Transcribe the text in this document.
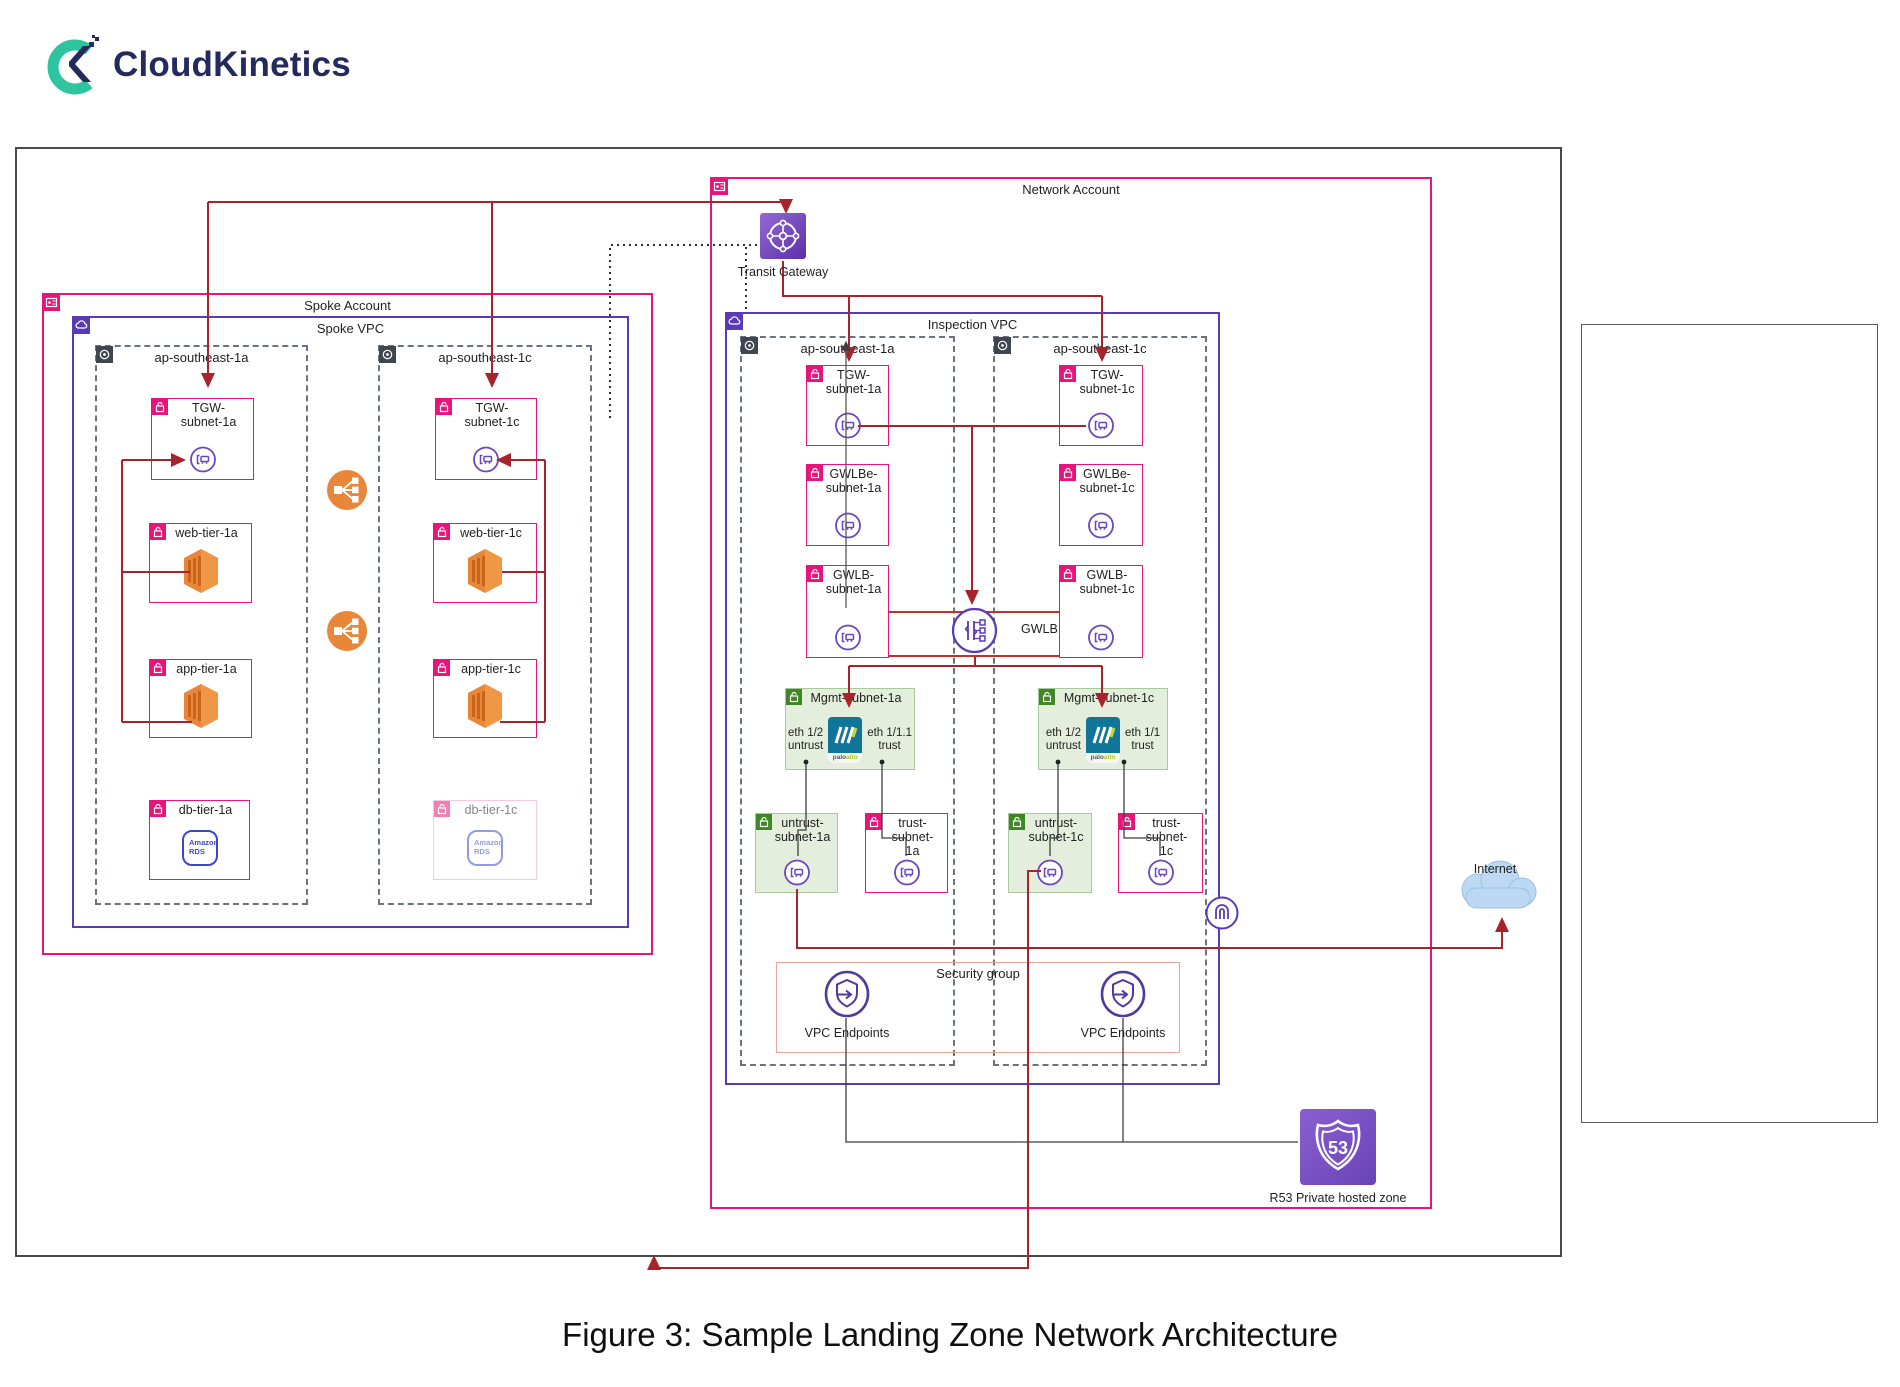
CloudKinetics
Spoke Account
Spoke VPC
ap-southeast-1a	ap-southeast-1c
Network Account
Inspection VPC
ap-southeast-1a	ap-southeast-1c
Security group
TGW-
subnet-1a
web-tier-1a
app-tier-1a
db-tier-1a
Amazon
RDS
TGW-
subnet-1c
web-tier-1c
app-tier-1c
db-tier-1c
Amazon
RDS
TGW-
subnet-1a
GWLBe-
subnet-1a
GWLB-
subnet-1a
TGW-
subnet-1c
GWLBe-
subnet-1c
GWLB-
subnet-1c
Mgmt-subnet-1a
eth 1/2
untrust
paloalto
eth 1/1.1
trust
Mgmt-subnet-1c
eth 1/2
untrust
paloalto
eth 1/1
trust
untrust-
subnet-1a
trust-subnet-
1a
untrust-
subnet-1c
trust-subnet-
1c
Transit Gateway
GWLB
VPC Endpoints	VPC Endpoints
53
R53 Private hosted zone
Internet
Figure 3: Sample Landing Zone Network Architecture
